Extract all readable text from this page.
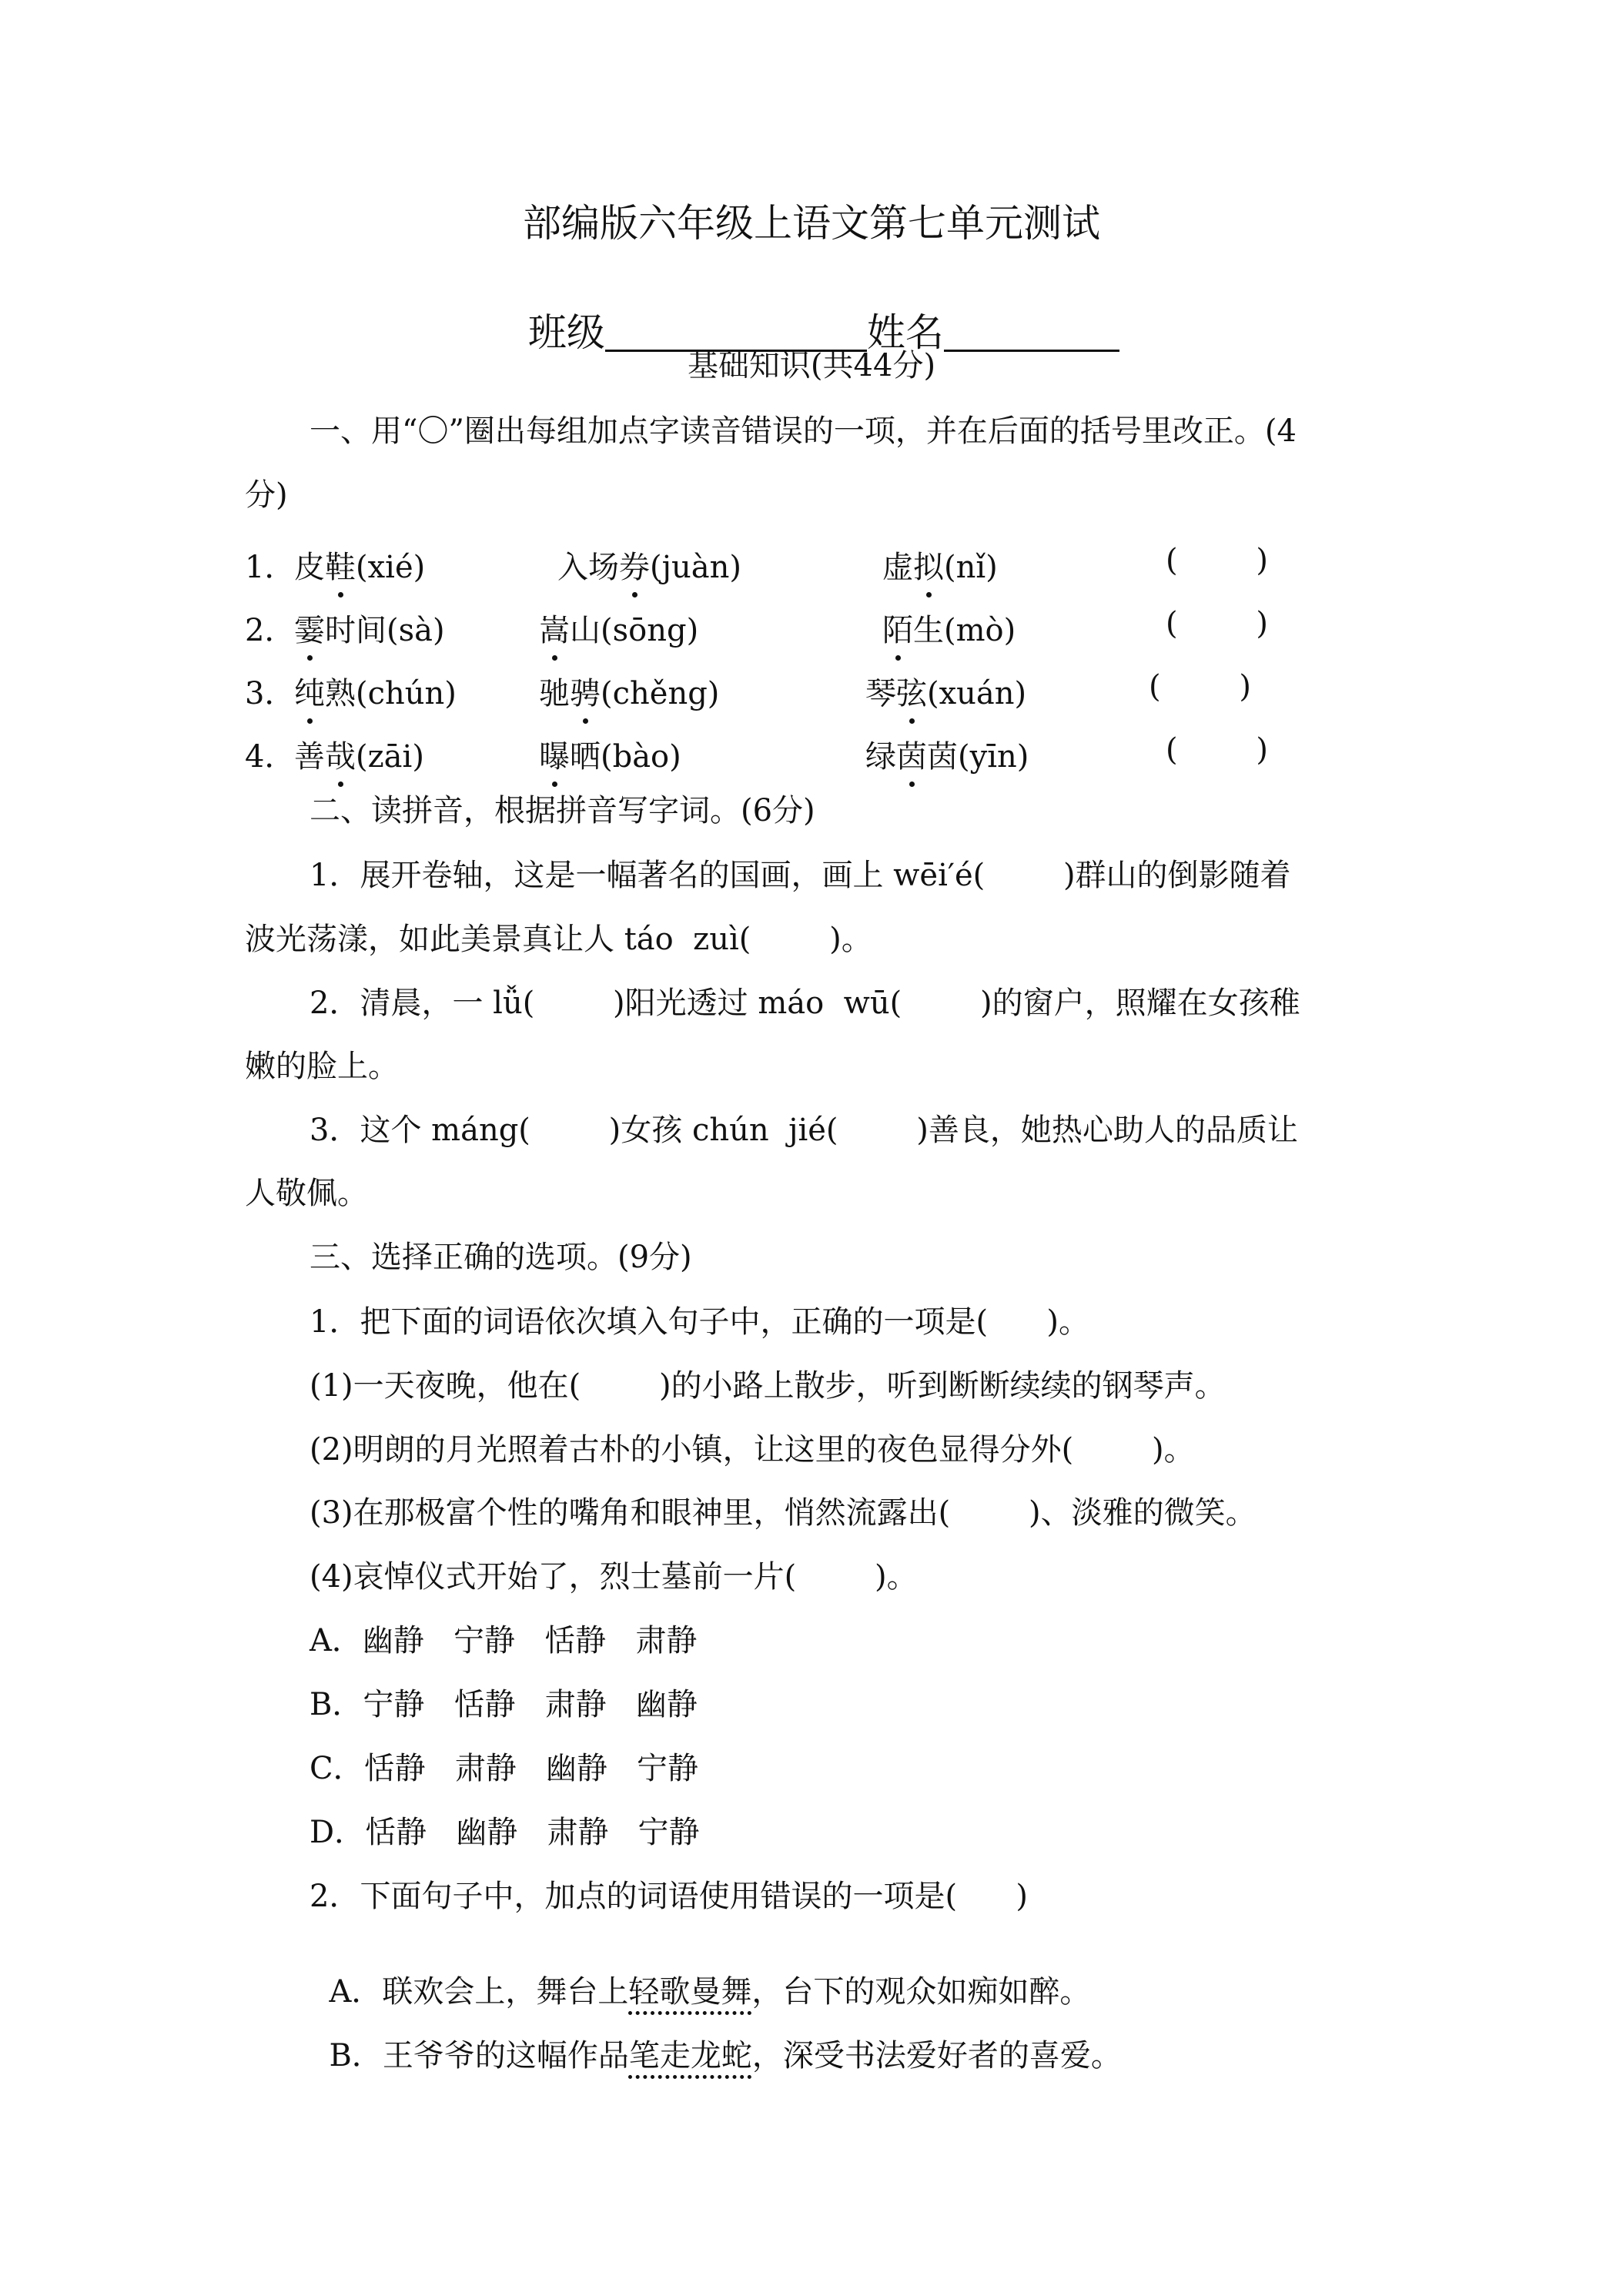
部编版六年级上语文第七单元测试

班级	姓名

基础知识(共44分)
一、用“〇”圈出每组加点字读音错误的一项，并在后面的括号里改正。(4
分)
1．
皮鞋(xié)	入场券(juàn)	虚拟(nǐ)	(        )
2．
霎时间(sà)	嵩山(sōng)	陌生(mò)	(        )
3．
纯熟(chún)	驰骋(chěng)	琴弦(xuán)	(        )
4．
善哉(zāi)	曝晒(bào)	绿茵茵(yīn)	(        )
二、读拼音，根据拼音写字词。(6分)
1．展开卷轴，这是一幅著名的国画，画上 wēi′é(        )群山的倒影随着
波光荡漾，如此美景真让人 táo  zuì(        )。
2．清晨，一 lǚ(        )阳光透过 máo  wū(        )的窗户，照耀在女孩稚
嫩的脸上。
3．这个 máng(        )女孩 chún  jié(        )善良，她热心助人的品质让
人敬佩。
三、选择正确的选项。(9分)
1．把下面的词语依次填入句子中，正确的一项是(      )。
(1)一天夜晚，他在(        )的小路上散步，听到断断续续的钢琴声。
(2)明朗的月光照着古朴的小镇，让这里的夜色显得分外(        )。
(3)在那极富个性的嘴角和眼神里，悄然流露出(        )、淡雅的微笑。
(4)哀悼仪式开始了，烈士墓前一片(        )。
A．幽静   宁静   恬静   肃静
B．宁静   恬静   肃静   幽静
C．恬静   肃静   幽静   宁静
D．恬静   幽静   肃静   宁静
2．下面句子中，加点的词语使用错误的一项是(      )

A．联欢会上，舞台上轻歌曼舞，台下的观众如痴如醉。

B．王爷爷的这幅作品笔走龙蛇，深受书法爱好者的喜爱。
